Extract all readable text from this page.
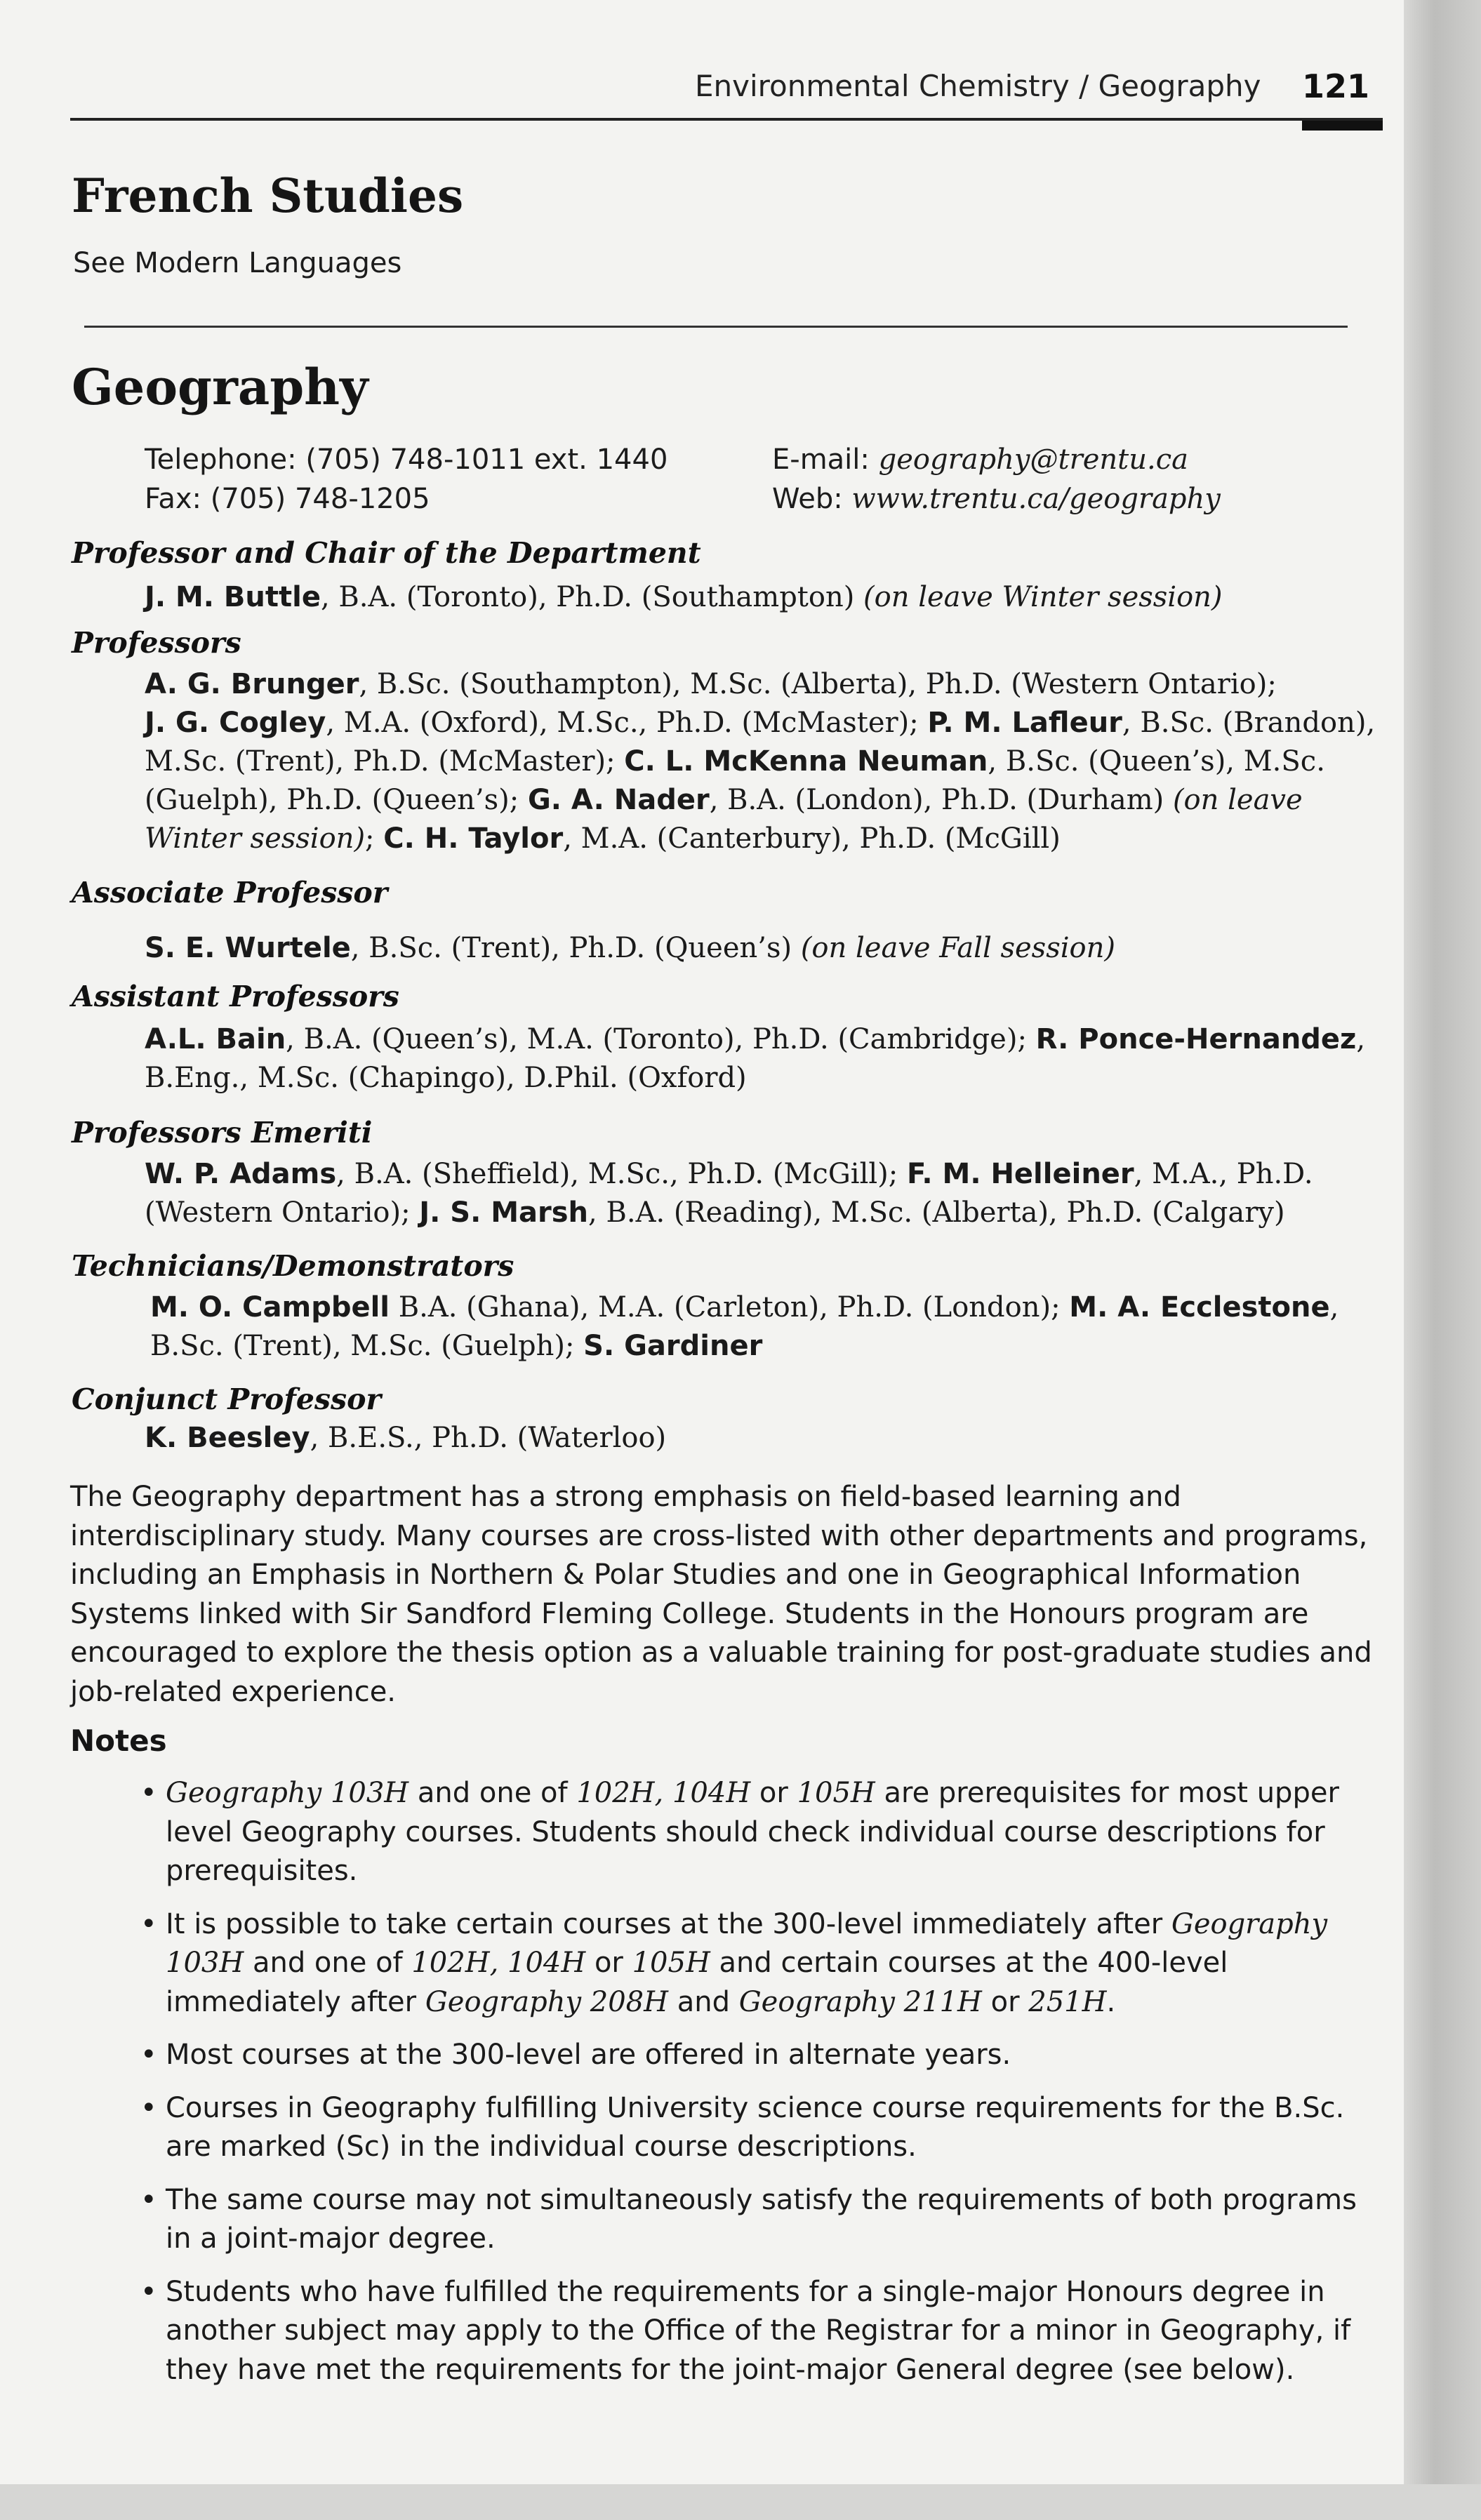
Environmental Chemistry / Geography 121
French Studies
See Modern Languages
Geography
Telephone: (705) 748-1011 ext. 1440
Fax: (705) 748-1205
E-mail: geography@trentu.ca
Web: www.trentu.ca/geography
Professor and Chair of the Department
J. M. Buttle, B.A. (Toronto), Ph.D. (Southampton) (on leave Winter session)
Professors
A. G. Brunger, B.Sc. (Southampton), M.Sc. (Alberta), Ph.D. (Western Ontario);
J. G. Cogley, M.A. (Oxford), M.Sc., Ph.D. (McMaster); P. M. Lafleur, B.Sc. (Brandon), M.Sc. (Trent), Ph.D. (McMaster); C. L. McKenna Neuman, B.Sc. (Queen’s), M.Sc. (Guelph), Ph.D. (Queen’s); G. A. Nader, B.A. (London), Ph.D. (Durham) (on leave Winter session); C. H. Taylor, M.A. (Canterbury), Ph.D. (McGill)
Associate Professor
S. E. Wurtele, B.Sc. (Trent), Ph.D. (Queen’s) (on leave Fall session)
Assistant Professors
A.L. Bain, B.A. (Queen’s), M.A. (Toronto), Ph.D. (Cambridge); R. Ponce-Hernandez, B.Eng., M.Sc. (Chapingo), D.Phil. (Oxford)
Professors Emeriti
W. P. Adams, B.A. (Sheffield), M.Sc., Ph.D. (McGill); F. M. Helleiner, M.A., Ph.D. (Western Ontario); J. S. Marsh, B.A. (Reading), M.Sc. (Alberta), Ph.D. (Calgary)
Technicians/Demonstrators
M. O. Campbell B.A. (Ghana), M.A. (Carleton), Ph.D. (London); M. A. Ecclestone, B.Sc. (Trent), M.Sc. (Guelph); S. Gardiner
Conjunct Professor
K. Beesley, B.E.S., Ph.D. (Waterloo)
The Geography department has a strong emphasis on field-based learning and interdisciplinary study. Many courses are cross-listed with other departments and programs, including an Emphasis in Northern & Polar Studies and one in Geographical Information Systems linked with Sir Sandford Fleming College. Students in the Honours program are encouraged to explore the thesis option as a valuable training for post-graduate studies and job-related experience.
Notes
• Geography 103H and one of 102H, 104H or 105H are prerequisites for most upper level Geography courses. Students should check individual course descriptions for prerequisites.
• It is possible to take certain courses at the 300-level immediately after Geography 103H and one of 102H, 104H or 105H and certain courses at the 400-level immediately after Geography 208H and Geography 211H or 251H.
• Most courses at the 300-level are offered in alternate years.
• Courses in Geography fulfilling University science course requirements for the B.Sc. are marked (Sc) in the individual course descriptions.
• The same course may not simultaneously satisfy the requirements of both programs in a joint-major degree.
• Students who have fulfilled the requirements for a single-major Honours degree in another subject may apply to the Office of the Registrar for a minor in Geography, if they have met the requirements for the joint-major General degree (see below).
